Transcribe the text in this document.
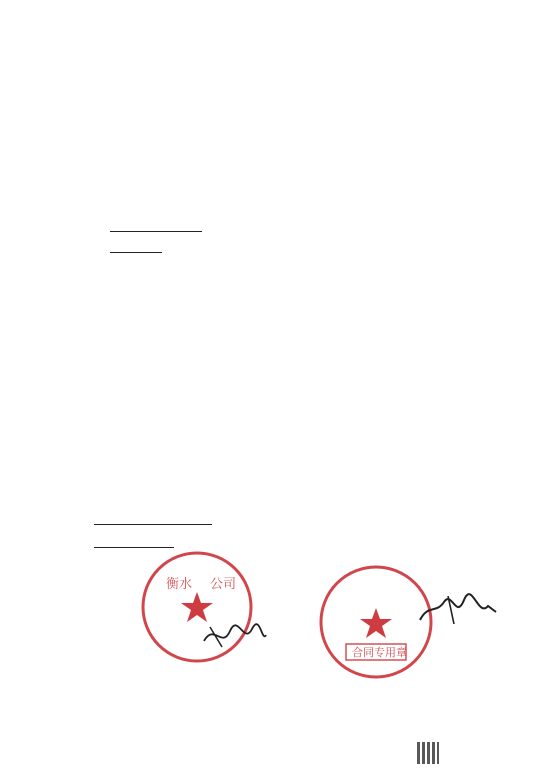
衡水 公司
合同专用章
